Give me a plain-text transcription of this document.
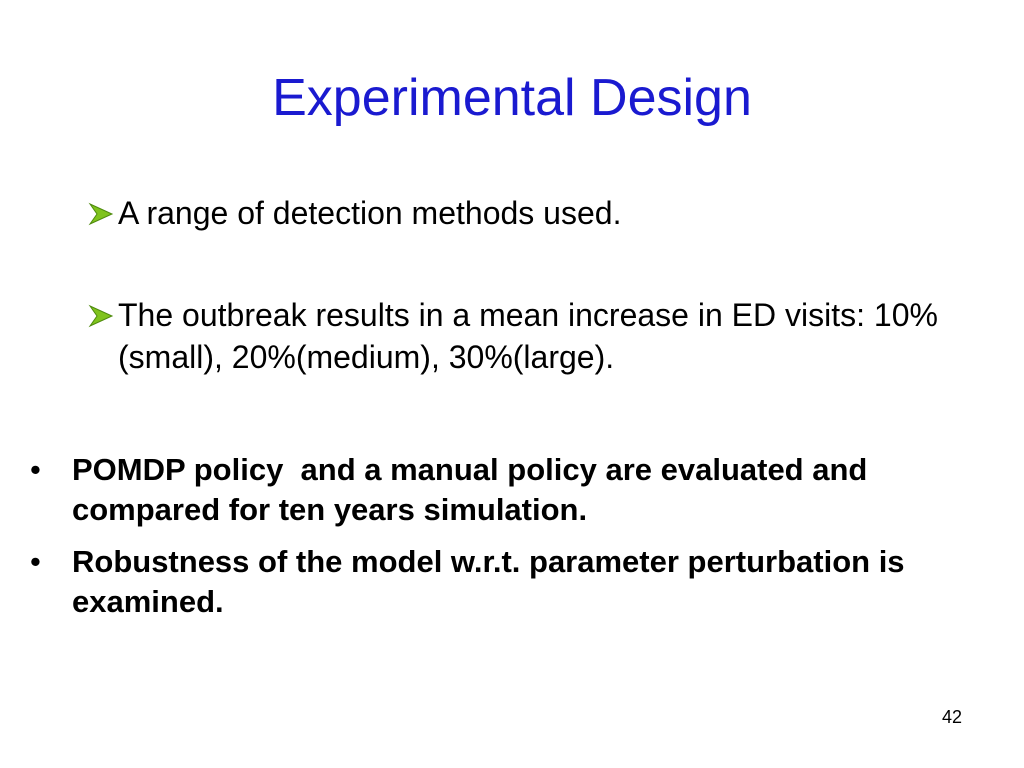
Experimental Design
A range of detection methods used.
The outbreak results in a mean increase in ED visits: 10% (small), 20%(medium), 30%(large).
• POMDP policy  and a manual policy are evaluated and compared for ten years simulation.
• Robustness of the model w.r.t. parameter perturbation is examined.
42
